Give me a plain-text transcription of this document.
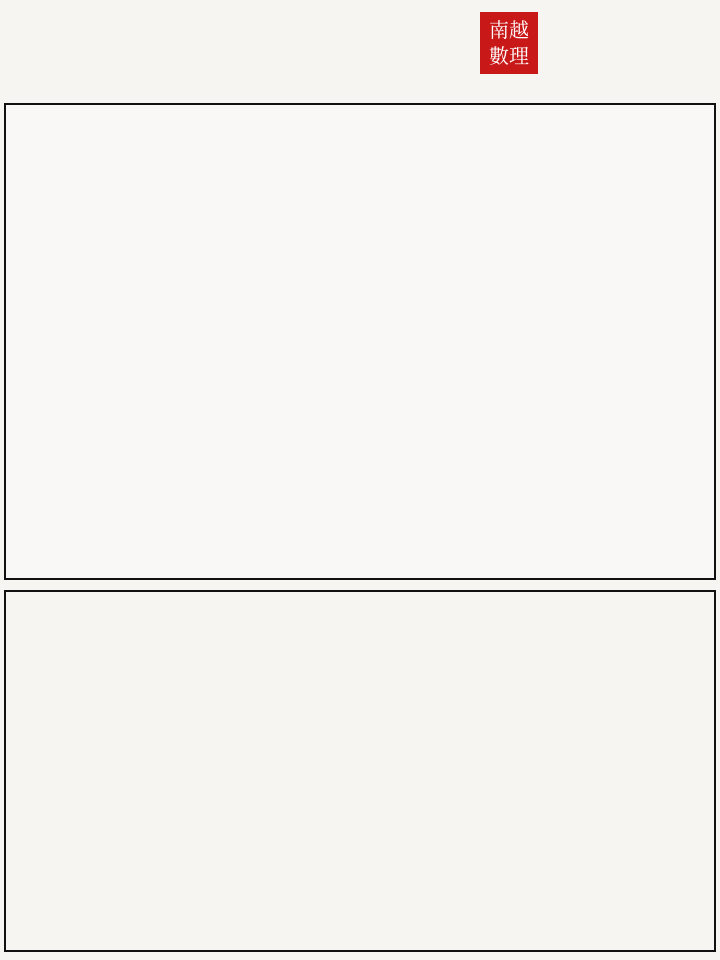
南 越
數 理
